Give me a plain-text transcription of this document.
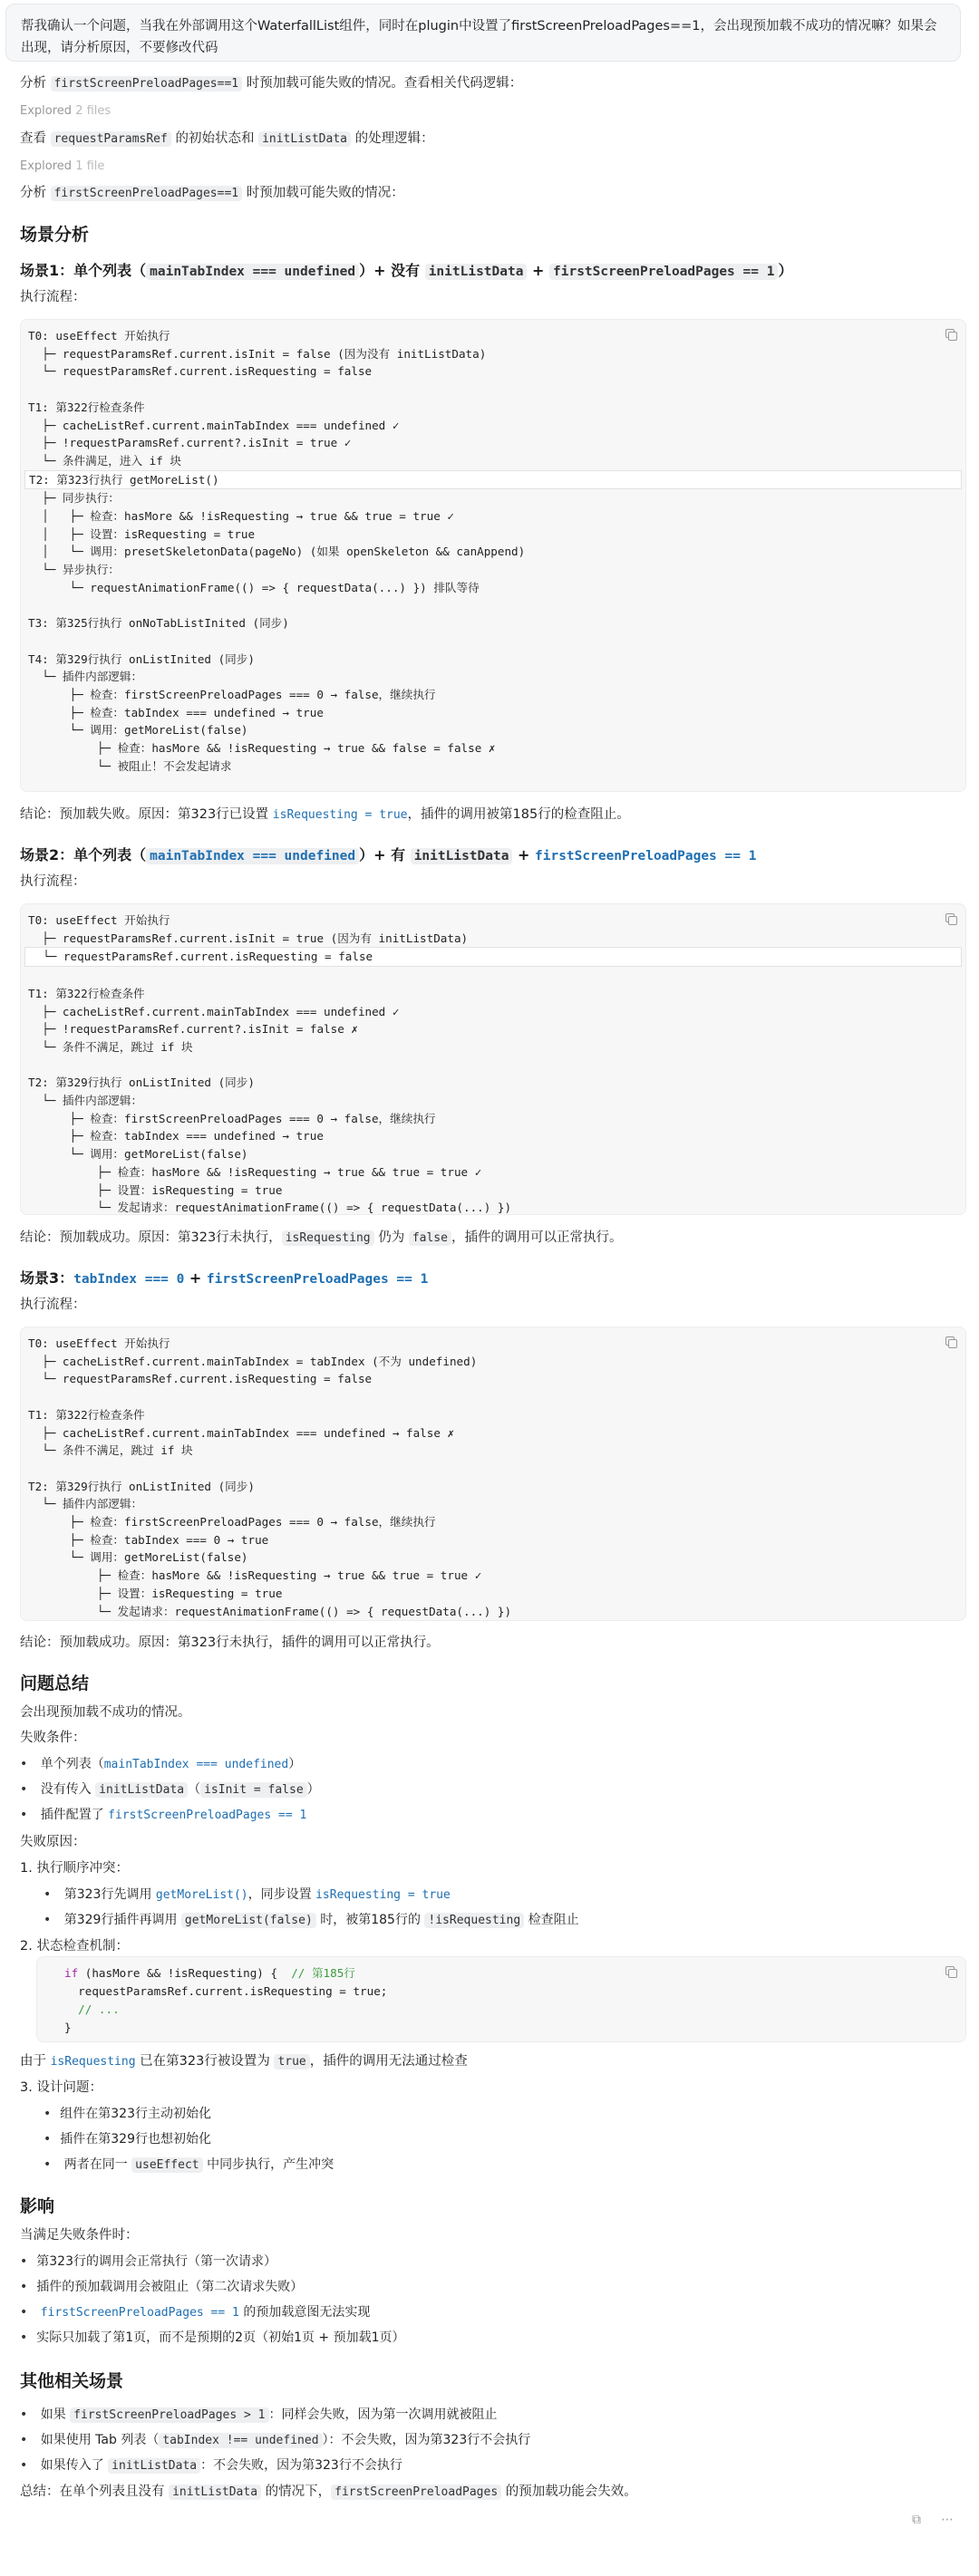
帮我确认一个问题，当我在外部调用这个WaterfallList组件，同时在plugin中设置了firstScreenPreloadPages==1，会出现预加载不成功的情况嘛？如果会出现，请分析原因，不要修改代码
分析 firstScreenPreloadPages==1 时预加载可能失败的情况。查看相关代码逻辑：
Explored 2 files
查看 requestParamsRef 的初始状态和 initListData 的处理逻辑：
Explored 1 file
分析 firstScreenPreloadPages==1 时预加载可能失败的情况：
场景分析
场景1：单个列表（ mainTabIndex === undefined ）+ 没有 initListData + firstScreenPreloadPages == 1 ）
执行流程：
T0: useEffect 开始执行
├─ requestParamsRef.current.isInit = false (因为没有 initListData)
└─ requestParamsRef.current.isRequesting = false

T1: 第322行检查条件
├─ cacheListRef.current.mainTabIndex === undefined ✓
├─ !requestParamsRef.current?.isInit = true ✓
└─ 条件满足，进入 if 块

T2: 第323行执行 getMoreList()
├─ 同步执行：
│   ├─ 检查：hasMore && !isRequesting → true && true = true ✓
│   ├─ 设置：isRequesting = true
│   └─ 调用：presetSkeletonData(pageNo) (如果 openSkeleton && canAppend)
└─ 异步执行：
└─ requestAnimationFrame(() => { requestData(...) }) 排队等待

T3: 第325行执行 onNoTabListInited (同步)

T4: 第329行执行 onListInited (同步)
└─ 插件内部逻辑：
├─ 检查：firstScreenPreloadPages === 0 → false，继续执行
├─ 检查：tabIndex === undefined → true
└─ 调用：getMoreList(false)
├─ 检查：hasMore && !isRequesting → true && false = false ✗
└─ 被阻止！不会发起请求
结论：预加载失败。原因：第323行已设置 isRequesting = true，插件的调用被第185行的检查阻止。
场景2：单个列表（ mainTabIndex === undefined ）+ 有 initListData + firstScreenPreloadPages == 1
执行流程：
T0: useEffect 开始执行
├─ requestParamsRef.current.isInit = true (因为有 initListData)

└─ requestParamsRef.current.isRequesting = false

T1: 第322行检查条件
├─ cacheListRef.current.mainTabIndex === undefined ✓
├─ !requestParamsRef.current?.isInit = false ✗
└─ 条件不满足，跳过 if 块

T2: 第329行执行 onListInited (同步)
└─ 插件内部逻辑：
├─ 检查：firstScreenPreloadPages === 0 → false，继续执行
├─ 检查：tabIndex === undefined → true
└─ 调用：getMoreList(false)
├─ 检查：hasMore && !isRequesting → true && true = true ✓
├─ 设置：isRequesting = true
└─ 发起请求：requestAnimationFrame(() => { requestData(...) })
结论：预加载成功。原因：第323行未执行， isRequesting 仍为 false ，插件的调用可以正常执行。
场景3：tabIndex === 0 + firstScreenPreloadPages == 1
执行流程：
T0: useEffect 开始执行
├─ cacheListRef.current.mainTabIndex = tabIndex (不为 undefined)
└─ requestParamsRef.current.isRequesting = false

T1: 第322行检查条件
├─ cacheListRef.current.mainTabIndex === undefined → false ✗
└─ 条件不满足，跳过 if 块

T2: 第329行执行 onListInited (同步)
└─ 插件内部逻辑：
├─ 检查：firstScreenPreloadPages === 0 → false，继续执行
├─ 检查：tabIndex === 0 → true
└─ 调用：getMoreList(false)
├─ 检查：hasMore && !isRequesting → true && true = true ✓
├─ 设置：isRequesting = true
└─ 发起请求：requestAnimationFrame(() => { requestData(...) })
结论：预加载成功。原因：第323行未执行，插件的调用可以正常执行。
问题总结
会出现预加载不成功的情况。
失败条件：
• 单个列表（mainTabIndex === undefined）
• 没有传入 initListData （ isInit = false ）
• 插件配置了 firstScreenPreloadPages == 1
失败原因：
1. 执行顺序冲突：
• 第323行先调用 getMoreList()，同步设置 isRequesting = true
• 第329行插件再调用 getMoreList(false) 时，被第185行的 !isRequesting 检查阻止
2. 状态检查机制：
if (hasMore && !isRequesting) {  // 第185行
requestParamsRef.current.isRequesting = true;
// ...
}
由于 isRequesting 已在第323行被设置为 true ，插件的调用无法通过检查
3. 设计问题：
• 组件在第323行主动初始化
• 插件在第329行也想初始化
• 两者在同一 useEffect 中同步执行，产生冲突
影响
当满足失败条件时：
• 第323行的调用会正常执行（第一次请求）
• 插件的预加载调用会被阻止（第二次请求失败）
• firstScreenPreloadPages == 1 的预加载意图无法实现
• 实际只加载了第1页，而不是预期的2页（初始1页 + 预加载1页）
其他相关场景
• 如果 firstScreenPreloadPages > 1 ：同样会失败，因为第一次调用就被阻止
• 如果使用 Tab 列表（ tabIndex !== undefined ）：不会失败，因为第323行不会执行
• 如果传入了 initListData ：不会失败，因为第323行不会执行
总结：在单个列表且没有 initListData 的情况下， firstScreenPreloadPages 的预加载功能会失效。
⧉ ⋯
